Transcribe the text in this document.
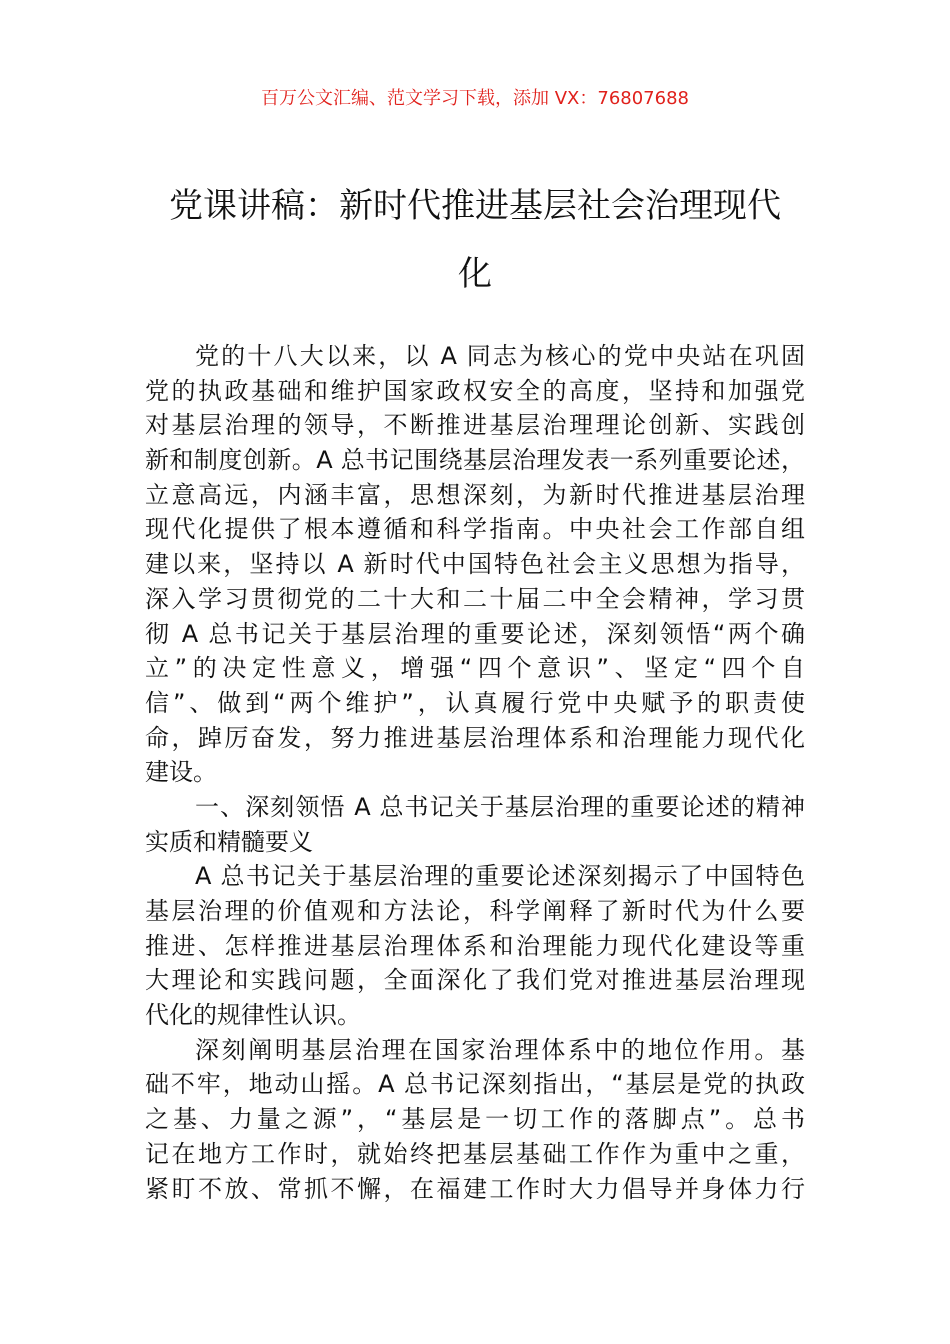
百万公文汇编、范文学习下载，添加 VX：76807688
党课讲稿：新时代推进基层社会治理现代
化
党的十八大以来，以 A 同志为核心的党中央站在巩固
党的执政基础和维护国家政权安全的高度，坚持和加强党
对基层治理的领导，不断推进基层治理理论创新、实践创
新和制度创新。A 总书记围绕基层治理发表一系列重要论述，
立意高远，内涵丰富，思想深刻，为新时代推进基层治理
现代化提供了根本遵循和科学指南。中央社会工作部自组
建以来，坚持以 A 新时代中国特色社会主义思想为指导，
深入学习贯彻党的二十大和二十届二中全会精神，学习贯
彻 A 总书记关于基层治理的重要论述，深刻领悟“两个确
立”的决定性意义，增强“四个意识”、坚定“四个自
信”、做到“两个维护”，认真履行党中央赋予的职责使
命，踔厉奋发，努力推进基层治理体系和治理能力现代化
建设。
一、深刻领悟 A 总书记关于基层治理的重要论述的精神
实质和精髓要义
A 总书记关于基层治理的重要论述深刻揭示了中国特色
基层治理的价值观和方法论，科学阐释了新时代为什么要
推进、怎样推进基层治理体系和治理能力现代化建设等重
大理论和实践问题，全面深化了我们党对推进基层治理现
代化的规律性认识。
深刻阐明基层治理在国家治理体系中的地位作用。基
础不牢，地动山摇。A 总书记深刻指出，“基层是党的执政
之基、力量之源”，“基层是一切工作的落脚点”。总书
记在地方工作时，就始终把基层基础工作作为重中之重，
紧盯不放、常抓不懈，在福建工作时大力倡导并身体力行
